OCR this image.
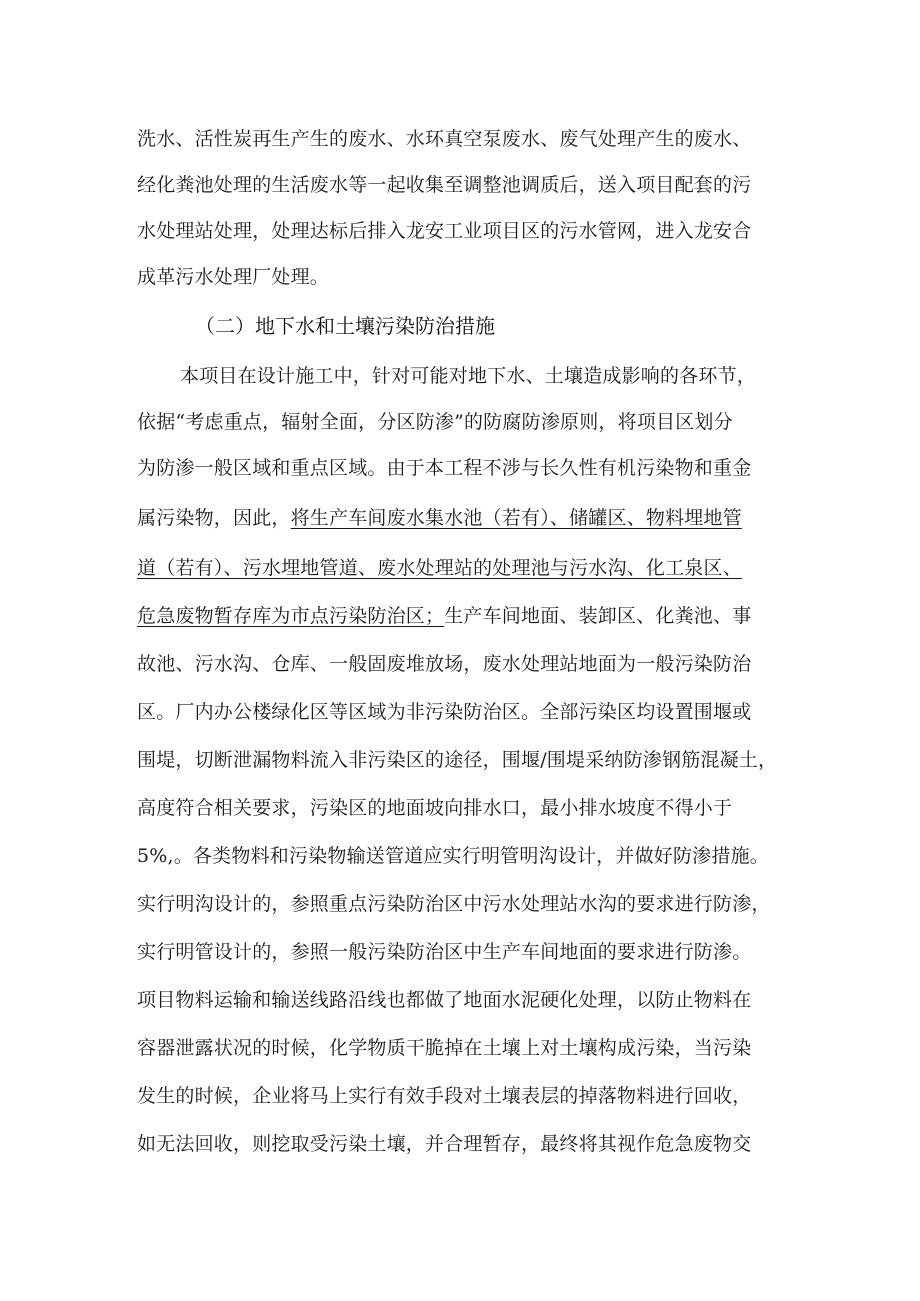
洗水、活性炭再生产生的废水、水环真空泵废水、废气处理产生的废水、
经化粪池处理的生活废水等一起收集至调整池调质后，送入项目配套的污
水处理站处理，处理达标后排入龙安工业项目区的污水管网，进入龙安合
成革污水处理厂处理。
（二）地下水和土壤污染防治措施
本项目在设计施工中，针对可能对地下水、土壤造成影响的各环节，
依据“考虑重点，辐射全面，分区防渗”的防腐防渗原则，将项目区划分
为防渗一般区域和重点区域。由于本工程不涉与长久性有机污染物和重金
属污染物，因此，将生产车间废水集水池（若有）、储罐区、物料埋地管
道（若有）、污水埋地管道、废水处理站的处理池与污水沟、化工泉区、
危急废物暂存库为市点污染防治区；生产车间地面、装卸区、化粪池、事
故池、污水沟、仓库、一般固废堆放场，废水处理站地面为一般污染防治
区。厂内办公楼绿化区等区域为非污染防治区。全部污染区均设置围堰或
围堤，切断泄漏物料流入非污染区的途径，围堰/围堤采纳防渗钢筋混凝土，
高度符合相关要求，污染区的地面坡向排水口，最小排水坡度不得小于
5%,。各类物料和污染物输送管道应实行明管明沟设计，并做好防渗措施。
实行明沟设计的，参照重点污染防治区中污水处理站水沟的要求进行防渗，
实行明管设计的，参照一般污染防治区中生产车间地面的要求进行防渗。
项目物料运输和输送线路沿线也都做了地面水泥硬化处理，以防止物料在
容器泄露状况的时候，化学物质干脆掉在土壤上对土壤构成污染，当污染
发生的时候，企业将马上实行有效手段对土壤表层的掉落物料进行回收，
如无法回收，则挖取受污染土壤，并合理暂存，最终将其视作危急废物交
